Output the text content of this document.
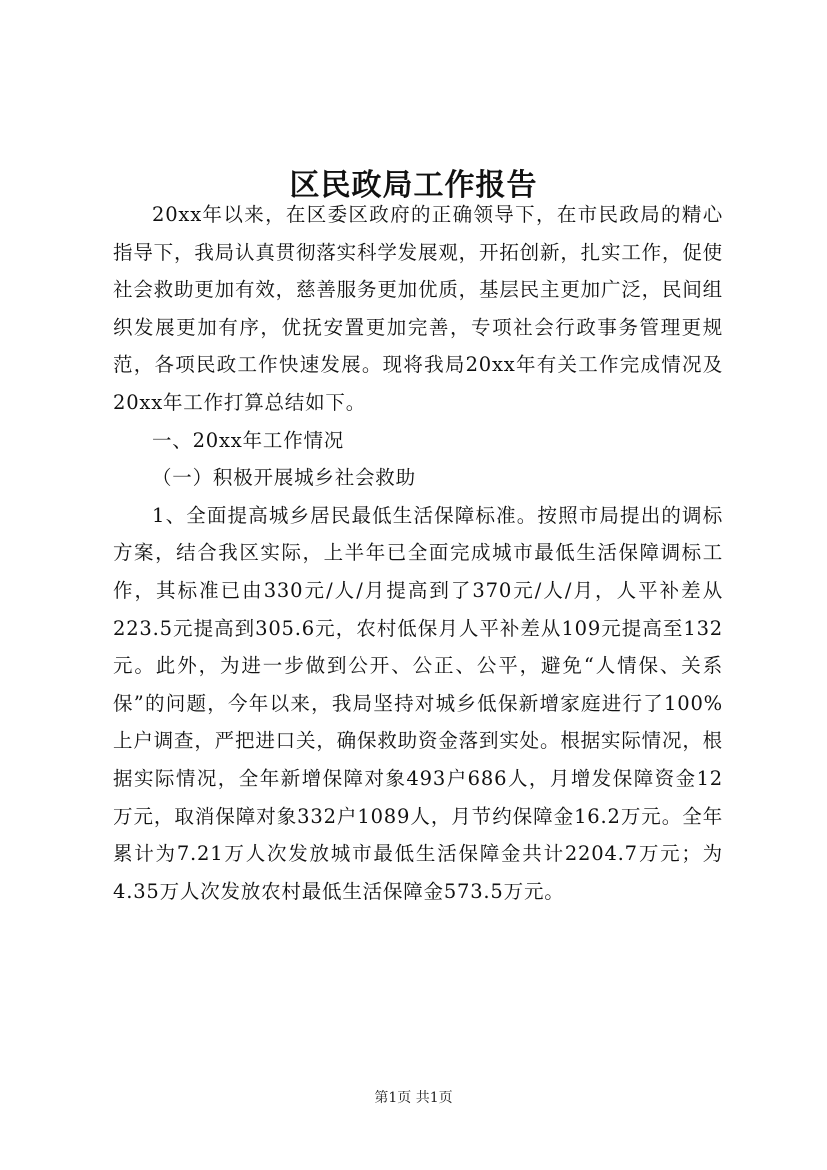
区民政局工作报告

20xx年以来，在区委区政府的正确领导下，在市民政局的精心指导下，我局认真贯彻落实科学发展观，开拓创新，扎实工作，促使社会救助更加有效，慈善服务更加优质，基层民主更加广泛，民间组织发展更加有序，优抚安置更加完善，专项社会行政事务管理更规范，各项民政工作快速发展。现将我局20xx年有关工作完成情况及20xx年工作打算总结如下。

一、20xx年工作情况

（一）积极开展城乡社会救助

1、全面提高城乡居民最低生活保障标准。按照市局提出的调标方案，结合我区实际，上半年已全面完成城市最低生活保障调标工作，其标准已由330元/人/月提高到了370元/人/月，人平补差从223.5元提高到305.6元，农村低保月人平补差从109元提高至132元。此外，为进一步做到公开、公正、公平，避免“人情保、关系保”的问题，今年以来，我局坚持对城乡低保新增家庭进行了100%上户调查，严把进口关，确保救助资金落到实处。根据实际情况，根据实际情况，全年新增保障对象493户686人，月增发保障资金12万元，取消保障对象332户1089人，月节约保障金16.2万元。全年累计为7.21万人次发放城市最低生活保障金共计2204.7万元；为4.35万人次发放农村最低生活保障金573.5万元。

第1页 共1页
